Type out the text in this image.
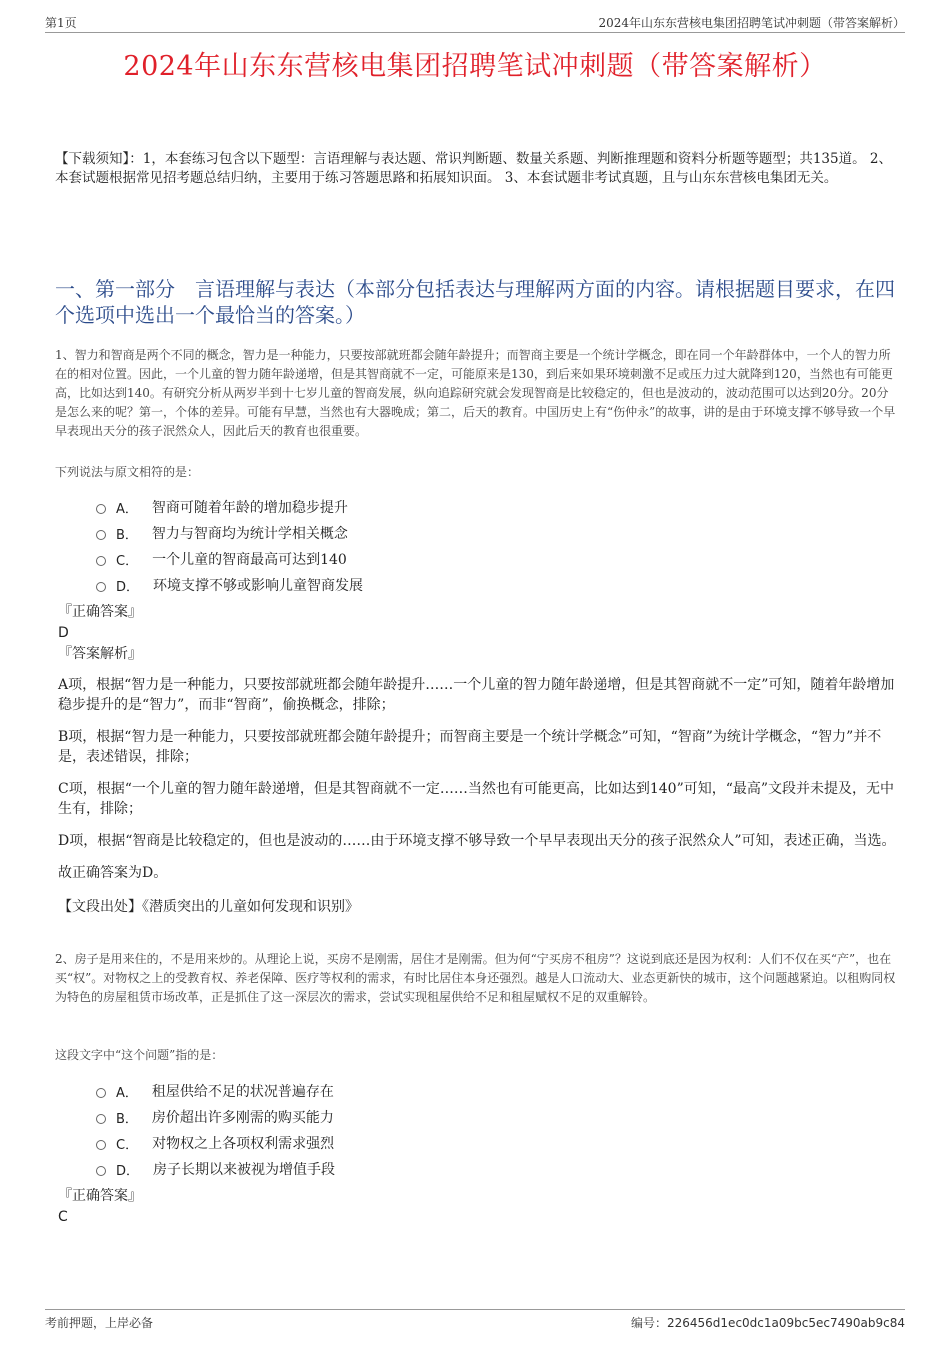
第1页	2024年山东东营核电集团招聘笔试冲刺题（带答案解析）
2024年山东东营核电集团招聘笔试冲刺题（带答案解析）
【下载须知】：1，本套练习包含以下题型：言语理解与表达题、常识判断题、数量关系题、判断推理题和资料分析题等题型；共135道。 2、本套试题根据常见招考题总结归纳，主要用于练习答题思路和拓展知识面。 3、本套试题非考试真题，且与山东东营核电集团无关。
一、第一部分　言语理解与表达（本部分包括表达与理解两方面的内容。请根据题目要求，在四个选项中选出一个最恰当的答案。）
1、智力和智商是两个不同的概念，智力是一种能力，只要按部就班都会随年龄提升；而智商主要是一个统计学概念，即在同一个年龄群体中，一个人的智力所在的相对位置。因此，一个儿童的智力随年龄递增，但是其智商就不一定，可能原来是130，到后来如果环境刺激不足或压力过大就降到120，当然也有可能更高，比如达到140。有研究分析从两岁半到十七岁儿童的智商发展，纵向追踪研究就会发现智商是比较稳定的，但也是波动的，波动范围可以达到20分。20分是怎么来的呢？第一，个体的差异。可能有早慧，当然也有大器晚成；第二，后天的教育。中国历史上有“伤仲永”的故事，讲的是由于环境支撑不够导致一个早早表现出天分的孩子泯然众人，因此后天的教育也很重要。
下列说法与原文相符的是：
A． 智商可随着年龄的增加稳步提升
B． 智力与智商均为统计学相关概念
C． 一个儿童的智商最高可达到140
D． 环境支撑不够或影响儿童智商发展
『正确答案』
D
『答案解析』

A项，根据“智力是一种能力，只要按部就班都会随年龄提升……一个儿童的智力随年龄递增，但是其智商就不一定”可知，随着年龄增加稳步提升的是“智力”，而非“智商”，偷换概念，排除；

B项，根据“智力是一种能力，只要按部就班都会随年龄提升；而智商主要是一个统计学概念”可知，“智商”为统计学概念，“智力”并不是，表述错误，排除；

C项，根据“一个儿童的智力随年龄递增，但是其智商就不一定……当然也有可能更高，比如达到140”可知，“最高”文段并未提及，无中生有，排除；

D项，根据“智商是比较稳定的，但也是波动的……由于环境支撑不够导致一个早早表现出天分的孩子泯然众人”可知，表述正确，当选。

故正确答案为D。

【文段出处】《潜质突出的儿童如何发现和识别》

2、房子是用来住的，不是用来炒的。从理论上说，买房不是刚需，居住才是刚需。但为何“宁买房不租房”？这说到底还是因为权利：人们不仅在买“产”，也在买“权”。对物权之上的受教育权、养老保障、医疗等权利的需求，有时比居住本身还强烈。越是人口流动大、业态更新快的城市，这个问题越紧迫。以租购同权为特色的房屋租赁市场改革，正是抓住了这一深层次的需求，尝试实现租屋供给不足和租屋赋权不足的双重解铃。
这段文字中“这个问题”指的是：
A． 租屋供给不足的状况普遍存在
B． 房价超出许多刚需的购买能力
C． 对物权之上各项权利需求强烈
D． 房子长期以来被视为增值手段
『正确答案』
C
考前押题，上岸必备	编号：226456d1ec0dc1a09bc5ec7490ab9c84
